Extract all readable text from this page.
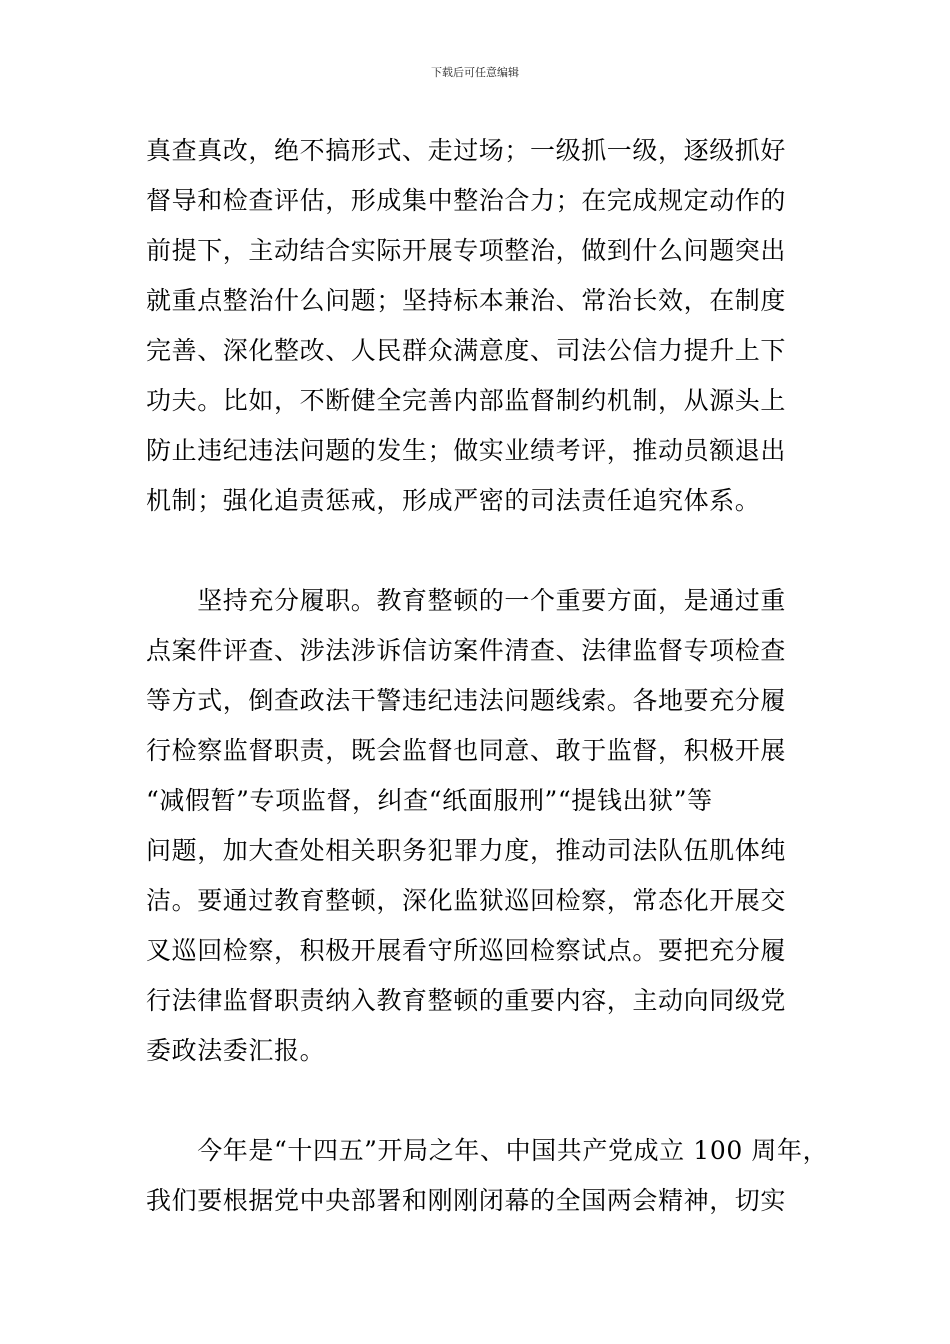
下载后可任意编辑
真查真改，绝不搞形式、走过场；一级抓一级，逐级抓好
督导和检查评估，形成集中整治合力；在完成规定动作的
前提下，主动结合实际开展专项整治，做到什么问题突出
就重点整治什么问题；坚持标本兼治、常治长效，在制度
完善、深化整改、人民群众满意度、司法公信力提升上下
功夫。比如，不断健全完善内部监督制约机制，从源头上
防止违纪违法问题的发生；做实业绩考评，推动员额退出
机制；强化追责惩戒，形成严密的司法责任追究体系。
　　坚持充分履职。教育整顿的一个重要方面，是通过重
点案件评查、涉法涉诉信访案件清查、法律监督专项检查
等方式，倒查政法干警违纪违法问题线索。各地要充分履
行检察监督职责，既会监督也同意、敢于监督，积极开展
“减假暂”专项监督，纠查“纸面服刑”“提钱出狱”等
问题，加大查处相关职务犯罪力度，推动司法队伍肌体纯
洁。要通过教育整顿，深化监狱巡回检察，常态化开展交
叉巡回检察，积极开展看守所巡回检察试点。要把充分履
行法律监督职责纳入教育整顿的重要内容，主动向同级党
委政法委汇报。
　　今年是“十四五”开局之年、中国共产党成立 100 周年，
我们要根据党中央部署和刚刚闭幕的全国两会精神，切实
